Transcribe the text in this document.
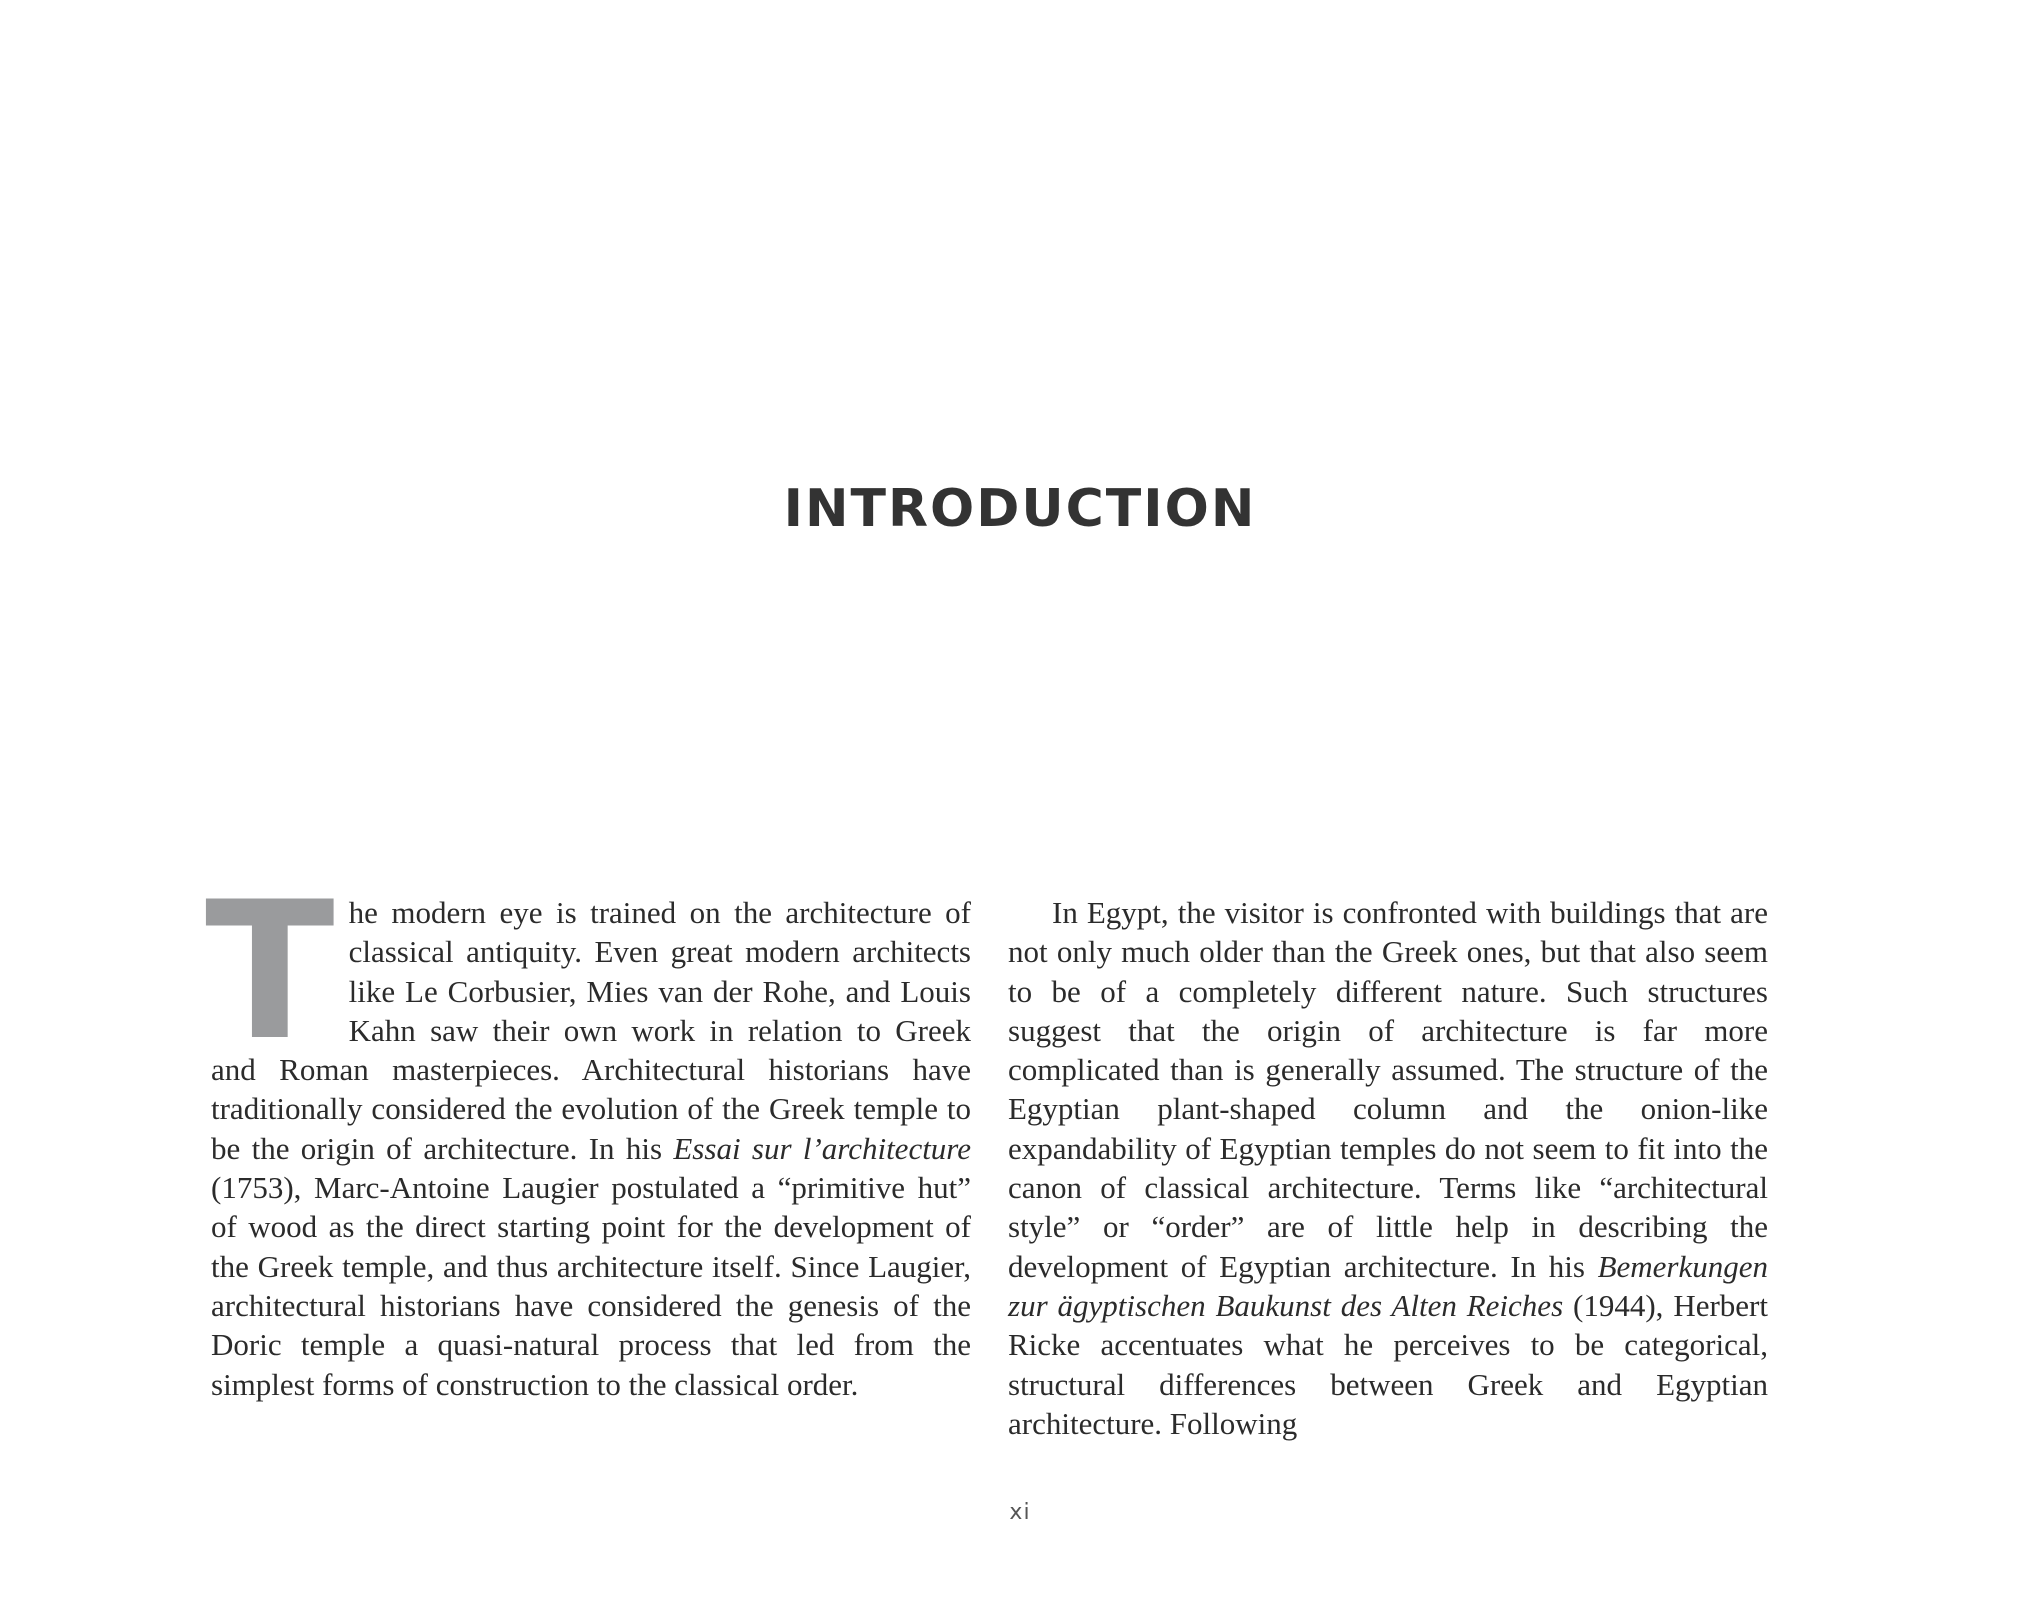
INTRODUCTION

The modern eye is trained on the architecture of classical antiquity. Even great modern architects like Le Corbusier, Mies van der Rohe, and Louis Kahn saw their own work in relation to Greek and Roman masterpieces. Architectural historians have traditionally considered the evolution of the Greek temple to be the origin of architecture. In his Essai sur l’architecture (1753), Marc-Antoine Laugier postulated a “primitive hut” of wood as the direct starting point for the development of the Greek temple, and thus architecture itself. Since Laugier, architectural historians have considered the genesis of the Doric temple a quasi-natural process that led from the simplest forms of construction to the classical order.

In Egypt, the visitor is confronted with buildings that are not only much older than the Greek ones, but that also seem to be of a completely different nature. Such structures suggest that the origin of architecture is far more complicated than is generally assumed. The structure of the Egyptian plant-shaped column and the onion-like expandability of Egyptian temples do not seem to fit into the canon of classical architecture. Terms like “architectural style” or “order” are of little help in describing the development of Egyptian architecture. In his Bemerkungen zur ägyptischen Baukunst des Alten Reiches (1944), Herbert Ricke accentuates what he perceives to be categorical, structural differences between Greek and Egyptian architecture. Following

xi
